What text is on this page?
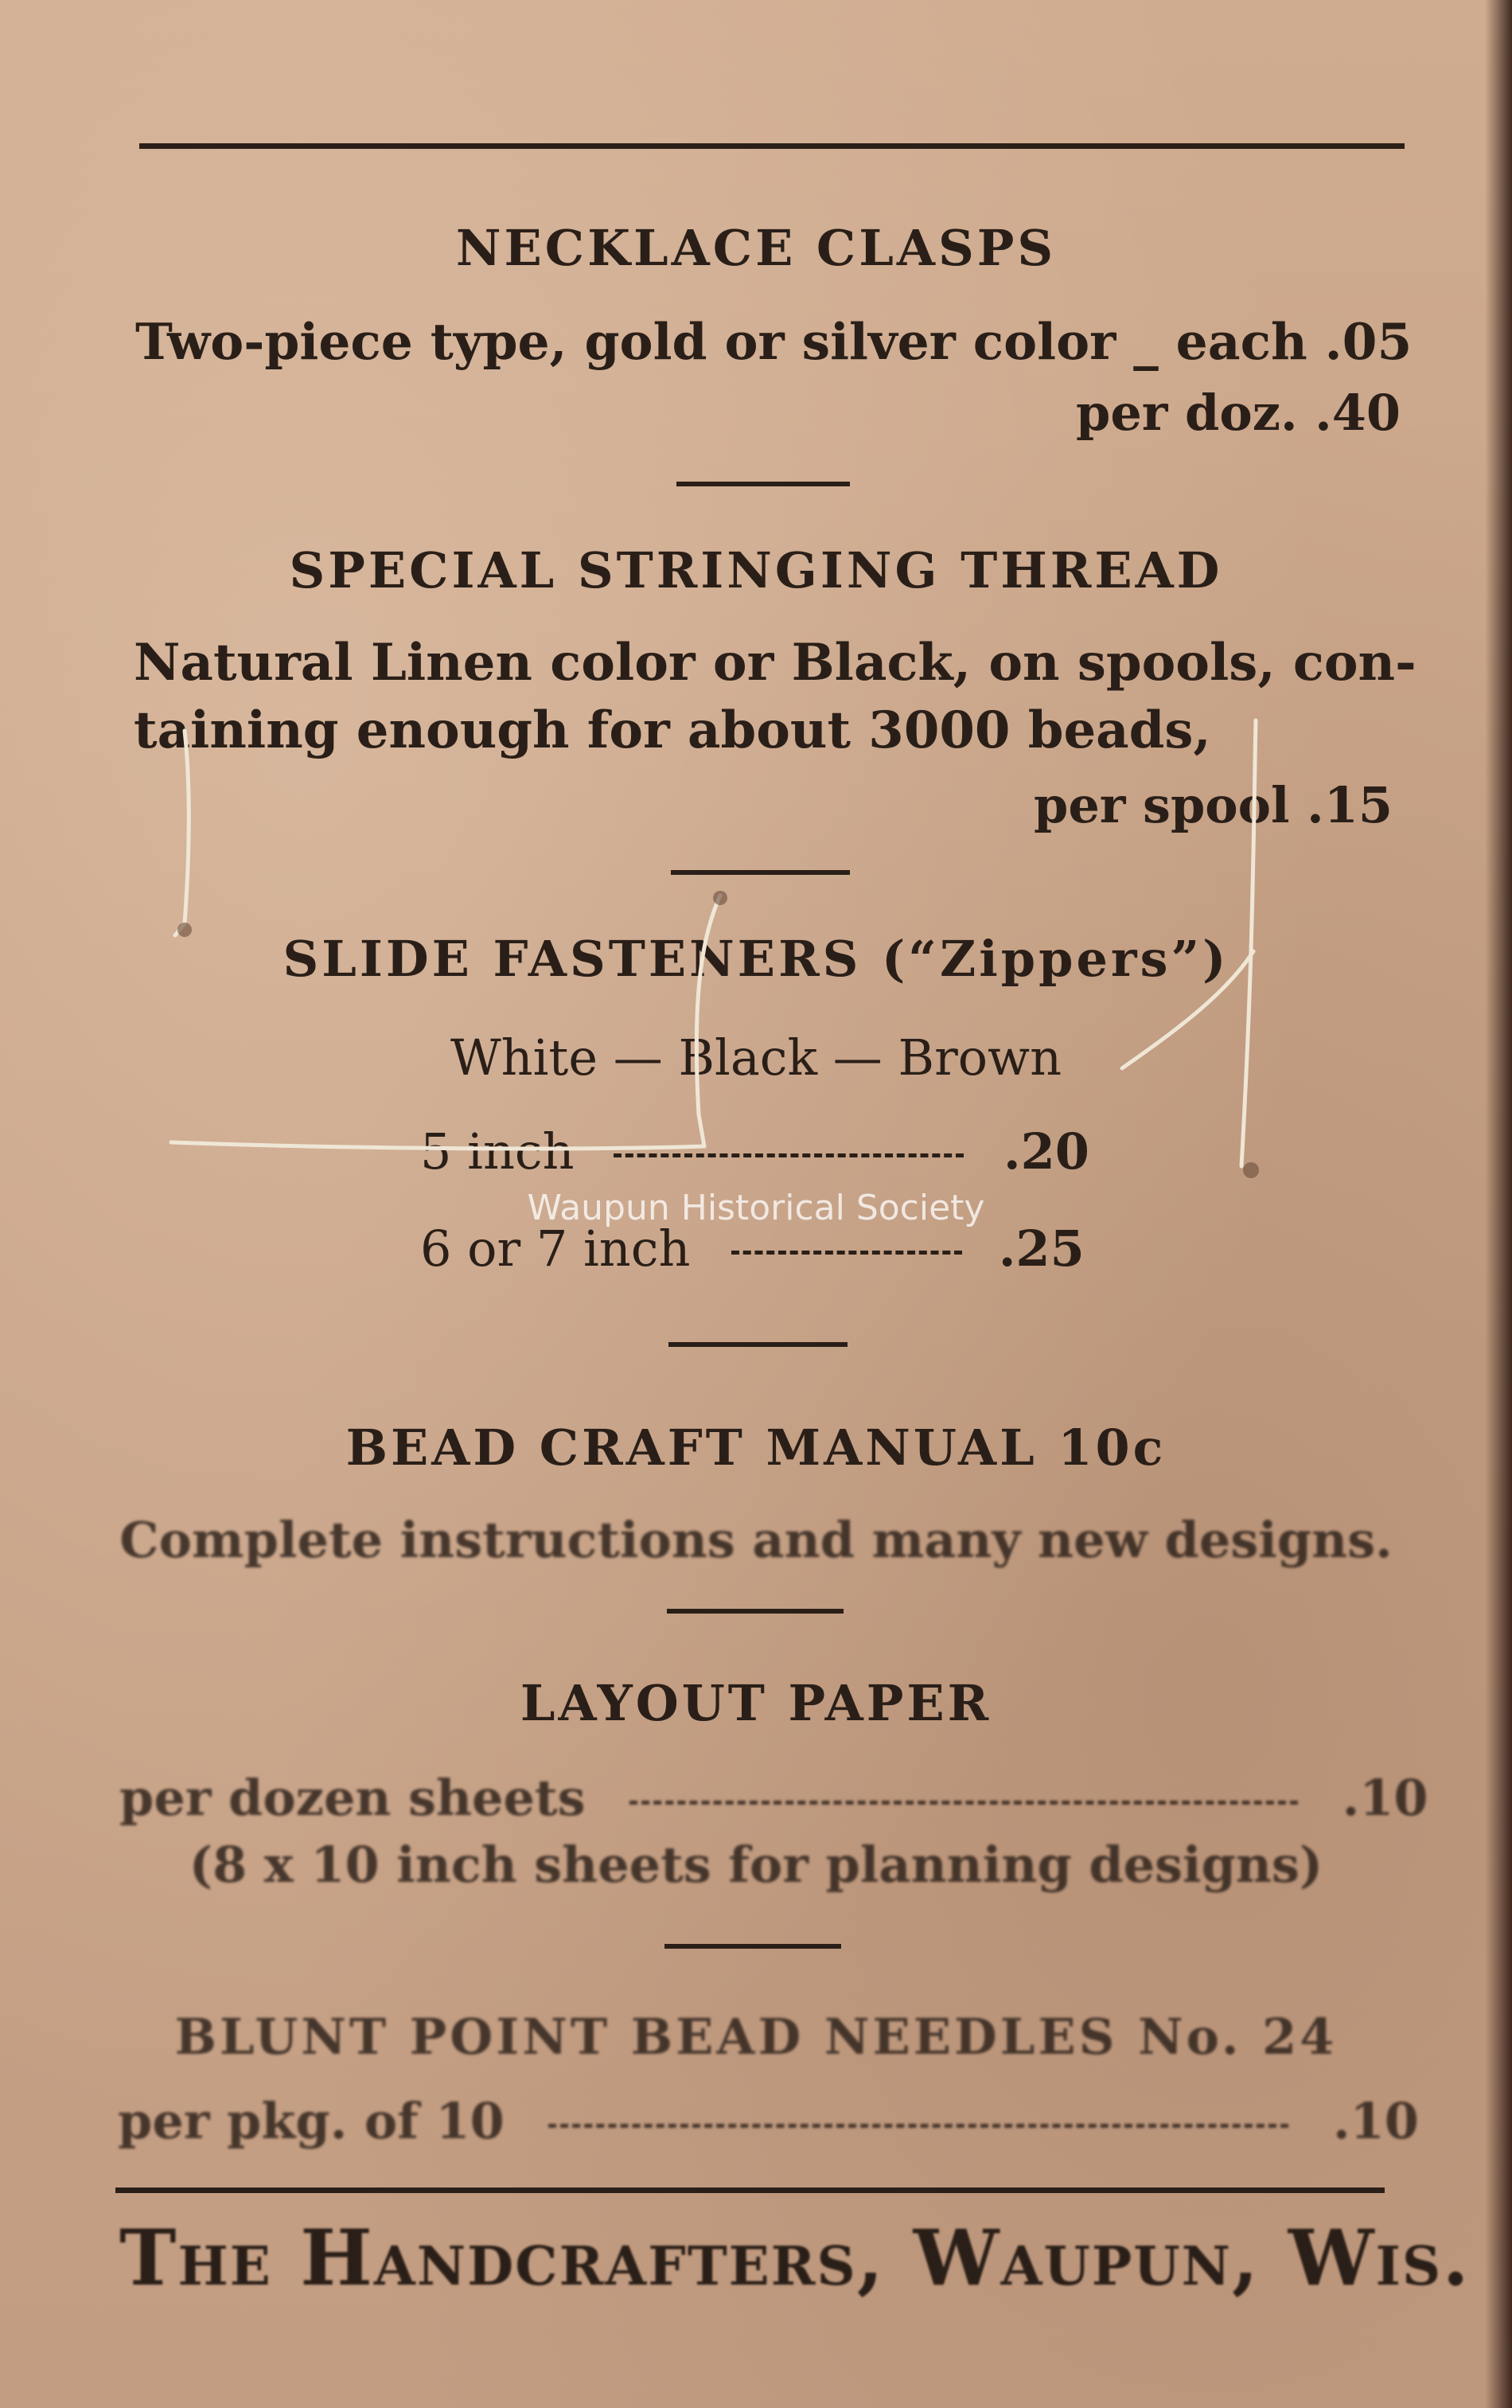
NECKLACE CLASPS
Two-piece type, gold or silver color _ each .05
per doz. .40
SPECIAL STRINGING THREAD
Natural Linen color or Black, on spools, con-
taining enough for about 3000 beads,
per spool .15
SLIDE FASTENERS (“Zippers”)
White — Black — Brown
5 inch	.20
Waupun Historical Society
6 or 7 inch	.25
BEAD CRAFT MANUAL 10c
Complete instructions and many new designs.
LAYOUT PAPER
per dozen sheets	.10
(8 x 10 inch sheets for planning designs)
BLUNT POINT BEAD NEEDLES No. 24
per pkg. of 10	.10
The Handcrafters, Waupun, Wis.
